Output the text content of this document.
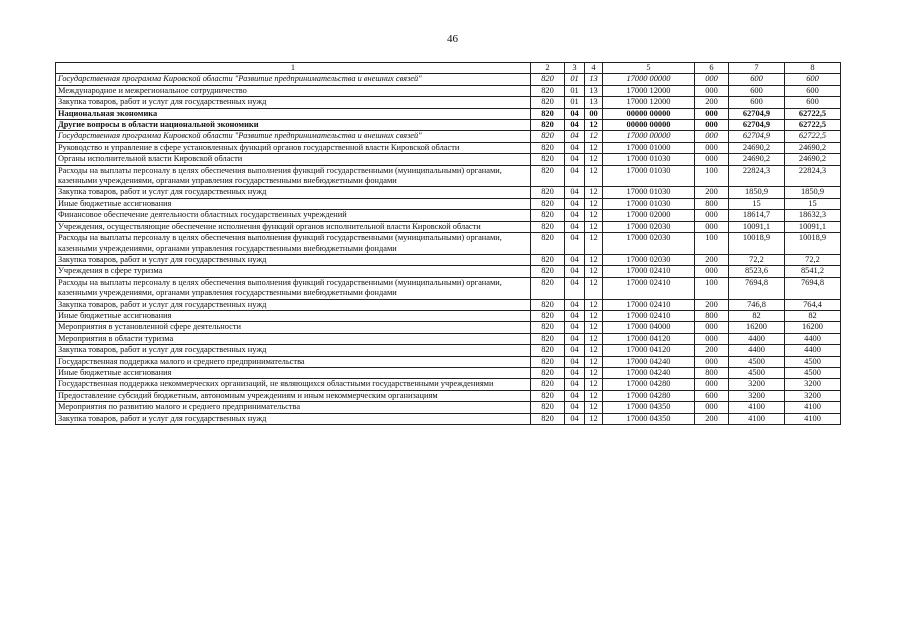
46
1	2	3	4	5	6	7	8
Государственная программа Кировской области "Развитие предпринимательства и внешних связей"	820	01	13	17000 00000	000	600	600
Международное и межрегиональное сотрудничество	820	01	13	17000 12000	000	600	600
Закупка товаров, работ и услуг для государственных нужд	820	01	13	17000 12000	200	600	600
Национальная экономика	820	04	00	00000 00000	000	62704,9	62722,5
Другие вопросы в области национальной экономики	820	04	12	00000 00000	000	62704,9	62722,5
Государственная программа Кировской области "Развитие предпринимательства и внешних связей"	820	04	12	17000 00000	000	62704,9	62722,5
Руководство и управление в сфере установленных функций органов государственной власти Кировской области	820	04	12	17000 01000	000	24690,2	24690,2
Органы исполнительной власти Кировской области	820	04	12	17000 01030	000	24690,2	24690,2
Расходы на выплаты персоналу в целях обеспечения выполнения функций государственными (муниципальными) органами, казенными учреждениями, органами управления государственными внебюджетными фондами	820	04	12	17000 01030	100	22824,3	22824,3
Закупка товаров, работ и услуг для государственных нужд	820	04	12	17000 01030	200	1850,9	1850,9
Иные бюджетные ассигнования	820	04	12	17000 01030	800	15	15
Финансовое обеспечение деятельности областных государственных учреждений	820	04	12	17000 02000	000	18614,7	18632,3
Учреждения, осуществляющие обеспечение исполнения функций органов исполнительной власти Кировской области	820	04	12	17000 02030	000	10091,1	10091,1
Расходы на выплаты персоналу в целях обеспечения выполнения функций государственными (муниципальными) органами, казенными учреждениями, органами управления государственными внебюджетными фондами	820	04	12	17000 02030	100	10018,9	10018,9
Закупка товаров, работ и услуг для государственных нужд	820	04	12	17000 02030	200	72,2	72,2
Учреждения в сфере туризма	820	04	12	17000 02410	000	8523,6	8541,2
Расходы на выплаты персоналу в целях обеспечения выполнения функций государственными (муниципальными) органами, казенными учреждениями, органами управления государственными внебюджетными фондами	820	04	12	17000 02410	100	7694,8	7694,8
Закупка товаров, работ и услуг для государственных нужд	820	04	12	17000 02410	200	746,8	764,4
Иные бюджетные ассигнования	820	04	12	17000 02410	800	82	82
Мероприятия в установленной сфере деятельности	820	04	12	17000 04000	000	16200	16200
Мероприятия в области туризма	820	04	12	17000 04120	000	4400	4400
Закупка товаров, работ и услуг для государственных нужд	820	04	12	17000 04120	200	4400	4400
Государственная поддержка малого и среднего предпринимательства	820	04	12	17000 04240	000	4500	4500
Иные бюджетные ассигнования	820	04	12	17000 04240	800	4500	4500
Государственная поддержка некоммерческих организаций, не являющихся областными государственными учреждениями	820	04	12	17000 04280	000	3200	3200
Предоставление субсидий бюджетным, автономным учреждениям и иным некоммерческим организациям	820	04	12	17000 04280	600	3200	3200
Мероприятия по развитию малого и среднего предпринимательства	820	04	12	17000 04350	000	4100	4100
Закупка товаров, работ и услуг для государственных нужд	820	04	12	17000 04350	200	4100	4100
